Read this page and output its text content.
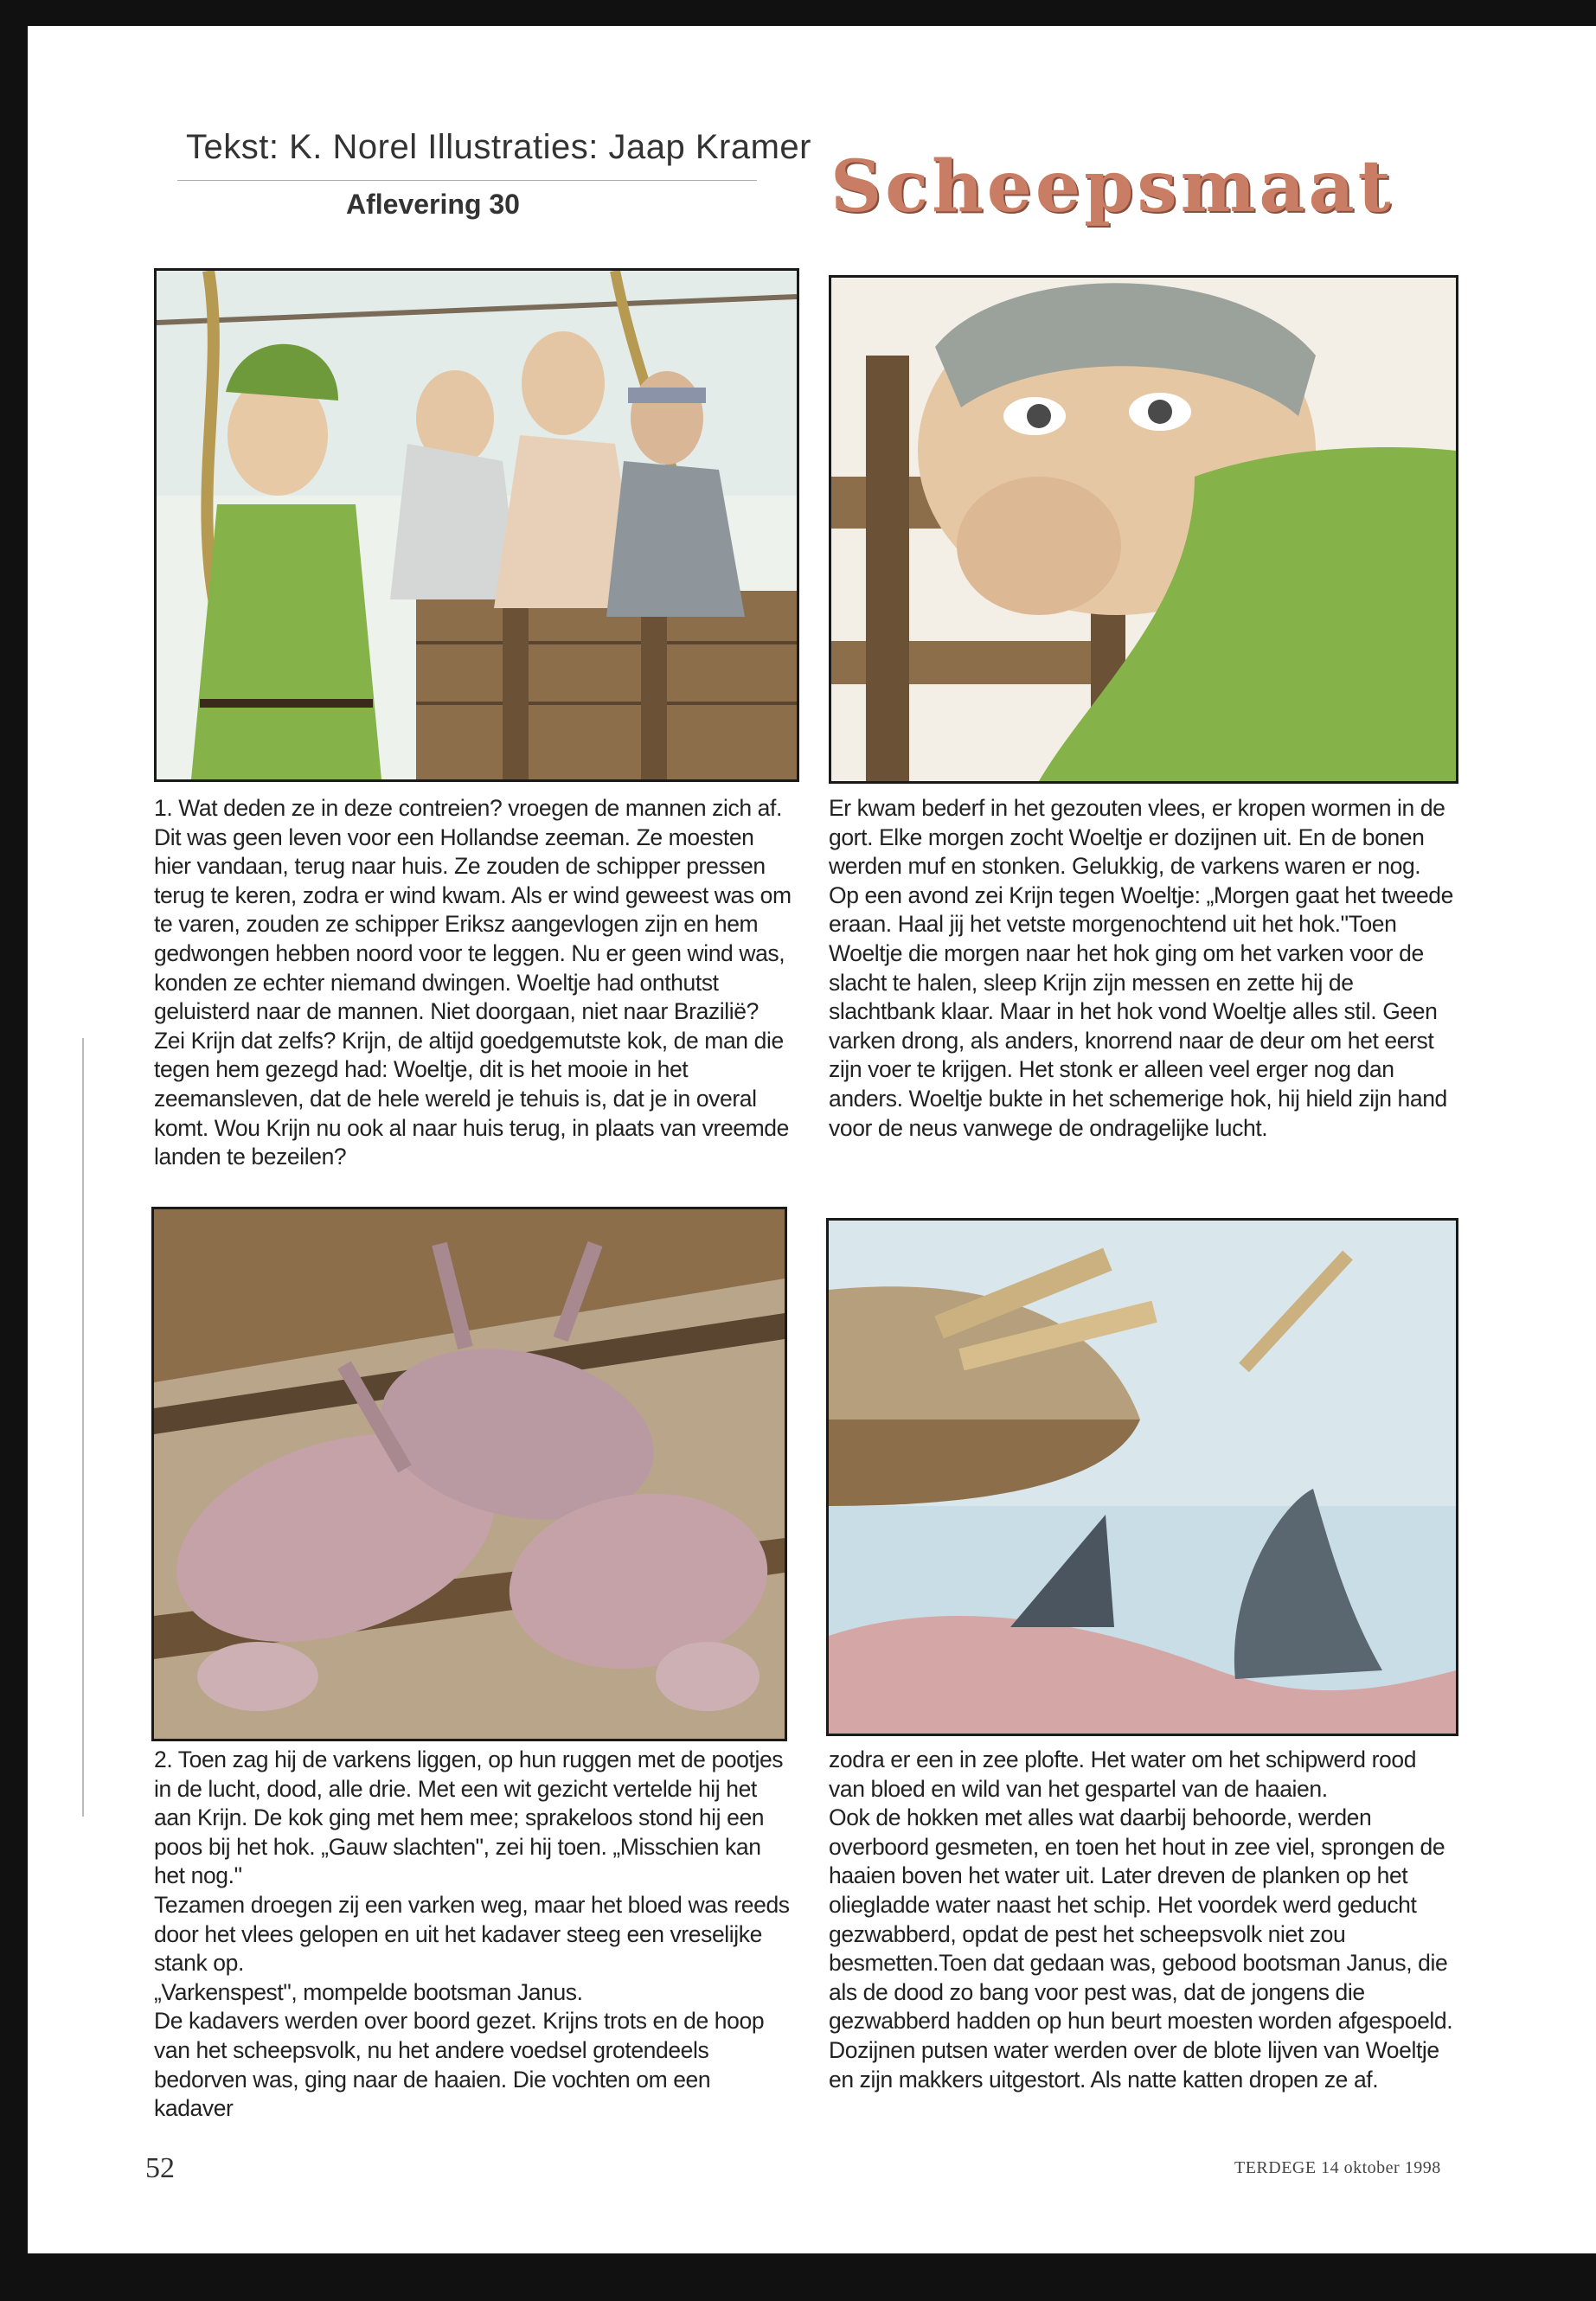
Tekst: K. Norel Illustraties: Jaap Kramer
Aflevering 30	Scheepsmaat

1. Wat deden ze in deze contreien? vroegen de mannen zich af. Dit was geen leven voor een Hollandse zeeman. Ze moesten hier vandaan, terug naar huis. Ze zouden de schipper pressen terug te keren, zodra er wind kwam. Als er wind geweest was om te varen, zouden ze schipper Eriksz aangevlogen zijn en hem gedwongen hebben noord voor te leggen. Nu er geen wind was, konden ze echter niemand dwingen. Woeltje had onthutst geluisterd naar de mannen. Niet doorgaan, niet naar Brazilië? Zei Krijn dat zelfs? Krijn, de altijd goedgemutste kok, de man die tegen hem gezegd had: Woeltje, dit is het mooie in het zeemansleven, dat de hele wereld je tehuis is, dat je in overal komt. Wou Krijn nu ook al naar huis terug, in plaats van vreemde landen te bezeilen?

Er kwam bederf in het gezouten vlees, er kropen wormen in de gort. Elke morgen zocht Woeltje er dozijnen uit. En de bonen werden muf en stonken. Gelukkig, de varkens waren er nog.

Op een avond zei Krijn tegen Woeltje: „Morgen gaat het tweede eraan. Haal jij het vetste morgenochtend uit het hok."Toen Woeltje die morgen naar het hok ging om het varken voor de slacht te halen, sleep Krijn zijn messen en zette hij de slachtbank klaar. Maar in het hok vond Woeltje alles stil. Geen varken drong, als anders, knorrend naar de deur om het eerst zijn voer te krijgen. Het stonk er alleen veel erger nog dan anders. Woeltje bukte in het schemerige hok, hij hield zijn hand voor de neus vanwege de ondragelijke lucht.

2. Toen zag hij de varkens liggen, op hun ruggen met de pootjes in de lucht, dood, alle drie. Met een wit gezicht vertelde hij het aan Krijn. De kok ging met hem mee; sprakeloos stond hij een poos bij het hok. „Gauw slachten", zei hij toen. „Misschien kan het nog."

Tezamen droegen zij een varken weg, maar het bloed was reeds door het vlees gelopen en uit het kadaver steeg een vreselijke stank op.

„Varkenspest", mompelde bootsman Janus.

De kadavers werden over boord gezet. Krijns trots en de hoop van het scheepsvolk, nu het andere voedsel grotendeels bedorven was, ging naar de haaien. Die vochten om een kadaver

zodra er een in zee plofte. Het water om het schipwerd rood van bloed en wild van het gespartel van de haaien.

Ook de hokken met alles wat daarbij behoorde, werden overboord gesmeten, en toen het hout in zee viel, sprongen de haaien boven het water uit. Later dreven de planken op het oliegladde water naast het schip. Het voordek werd geducht gezwabberd, opdat de pest het scheepsvolk niet zou besmetten.Toen dat gedaan was, gebood bootsman Janus, die als de dood zo bang voor pest was, dat de jongens die gezwabberd hadden op hun beurt moesten worden afgespoeld. Dozijnen putsen water werden over de blote lijven van Woeltje en zijn makkers uitgestort. Als natte katten dropen ze af.

52	TERDEGE 14 oktober 1998
